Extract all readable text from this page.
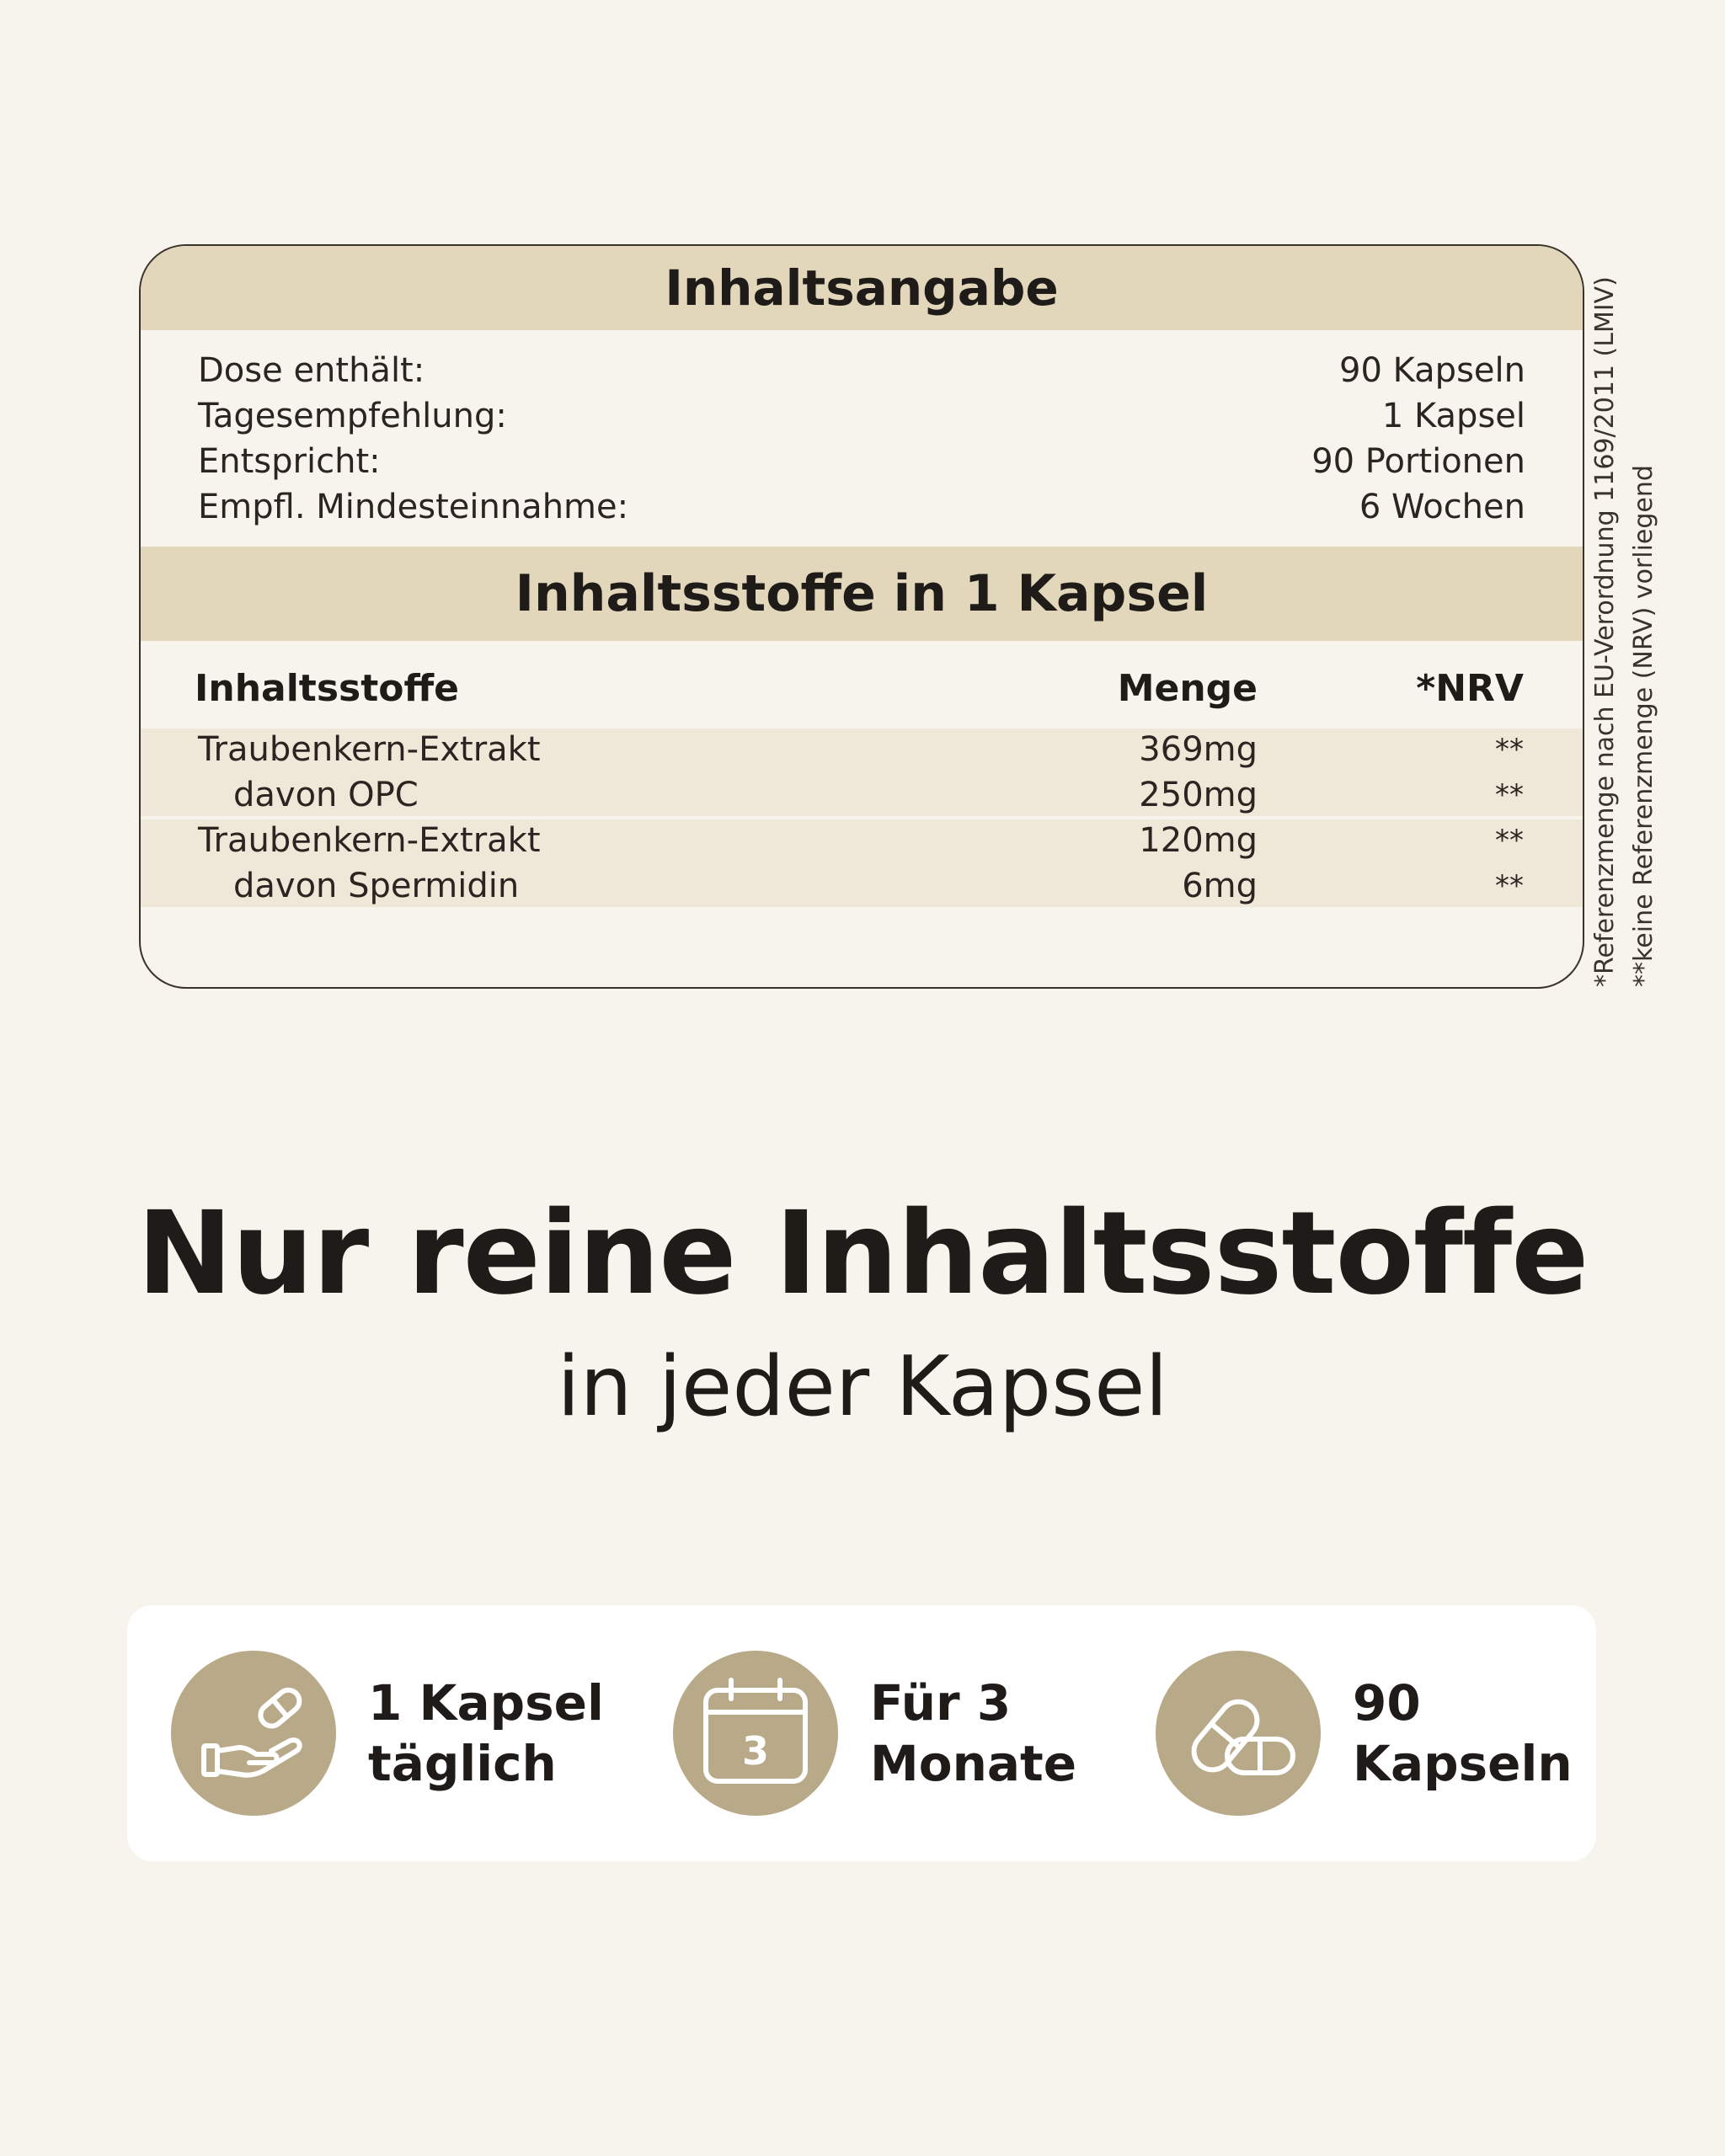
Inhaltsangabe
Dose enthält:	90 Kapseln
Tagesempfehlung:	1 Kapsel
Entspricht:	90 Portionen
Empfl. Mindesteinnahme:	6 Wochen
Inhaltsstoffe in 1 Kapsel
Inhaltsstoffe	Menge	*NRV
Traubenkern-Extrakt	369mg	**
davon OPC	250mg	**
Traubenkern-Extrakt	120mg	**
davon Spermidin	6mg	**	*Referenzmenge nach EU-Verordnung 1169/2011 (LMIV) **keine Referenzmenge (NRV) vorliegend
Nur reine Inhaltsstoffe
in jeder Kapsel
1 Kapsel
täglich	3
Für 3
Monate
90
Kapseln
